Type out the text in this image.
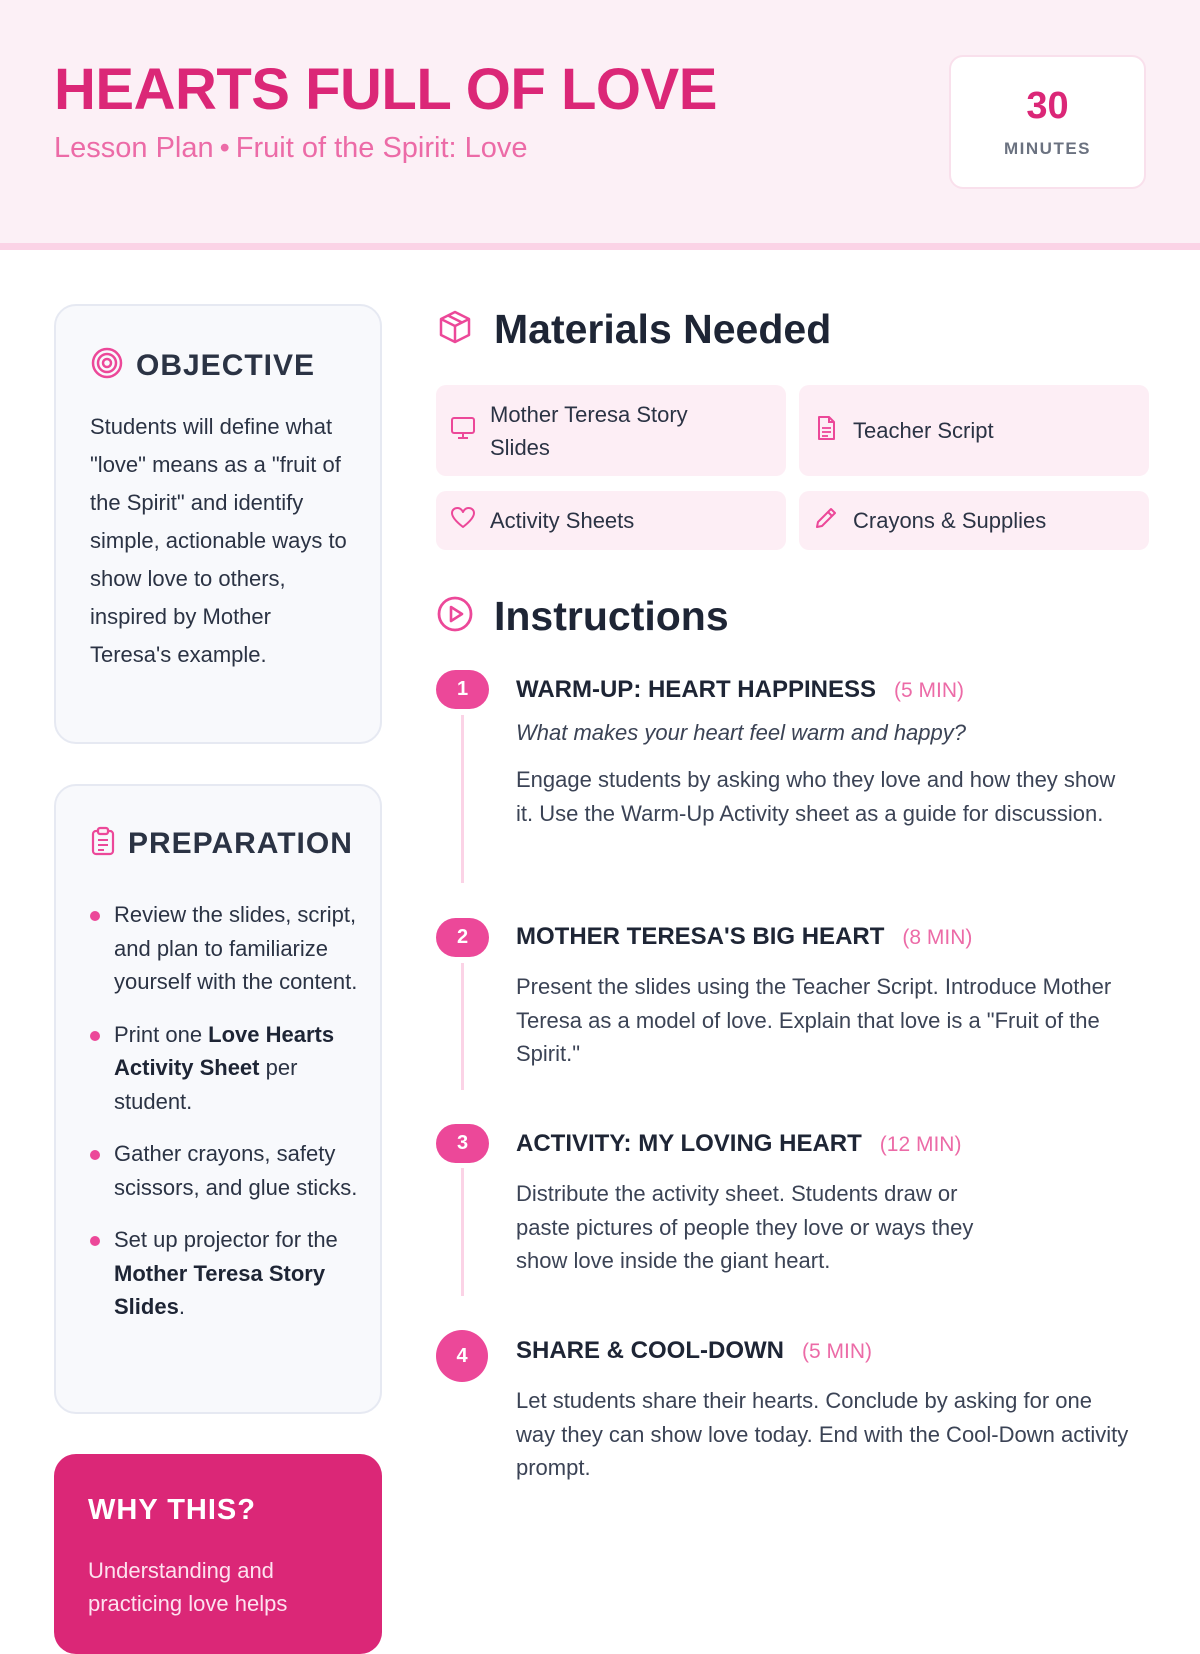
HEARTS FULL OF LOVE
Lesson Plan • Fruit of the Spirit: Love
30
MINUTES
OBJECTIVE
Students will define what "love" means as a "fruit of the Spirit" and identify simple, actionable ways to show love to others, inspired by Mother Teresa's example.
PREPARATION
Review the slides, script, and plan to familiarize yourself with the content.
Print one Love Hearts Activity Sheet per student.
Gather crayons, safety scissors, and glue sticks.
Set up projector for the Mother Teresa Story Slides.
WHY THIS?
Understanding and practicing love helps
Materials Needed
Mother Teresa Story Slides
Teacher Script
Activity Sheets	Crayons & Supplies
Instructions
1	WARM-UP: HEART HAPPINESS (5 MIN)
What makes your heart feel warm and happy?
Engage students by asking who they love and how they show it. Use the Warm-Up Activity sheet as a guide for discussion.
2	MOTHER TERESA'S BIG HEART (8 MIN)
Present the slides using the Teacher Script. Introduce Mother Teresa as a model of love. Explain that love is a "Fruit of the Spirit."
3	ACTIVITY: MY LOVING HEART (12 MIN)
Distribute the activity sheet. Students draw or paste pictures of people they love or ways they show love inside the giant heart.
4	SHARE & COOL-DOWN (5 MIN)
Let students share their hearts. Conclude by asking for one way they can show love today. End with the Cool-Down activity prompt.
